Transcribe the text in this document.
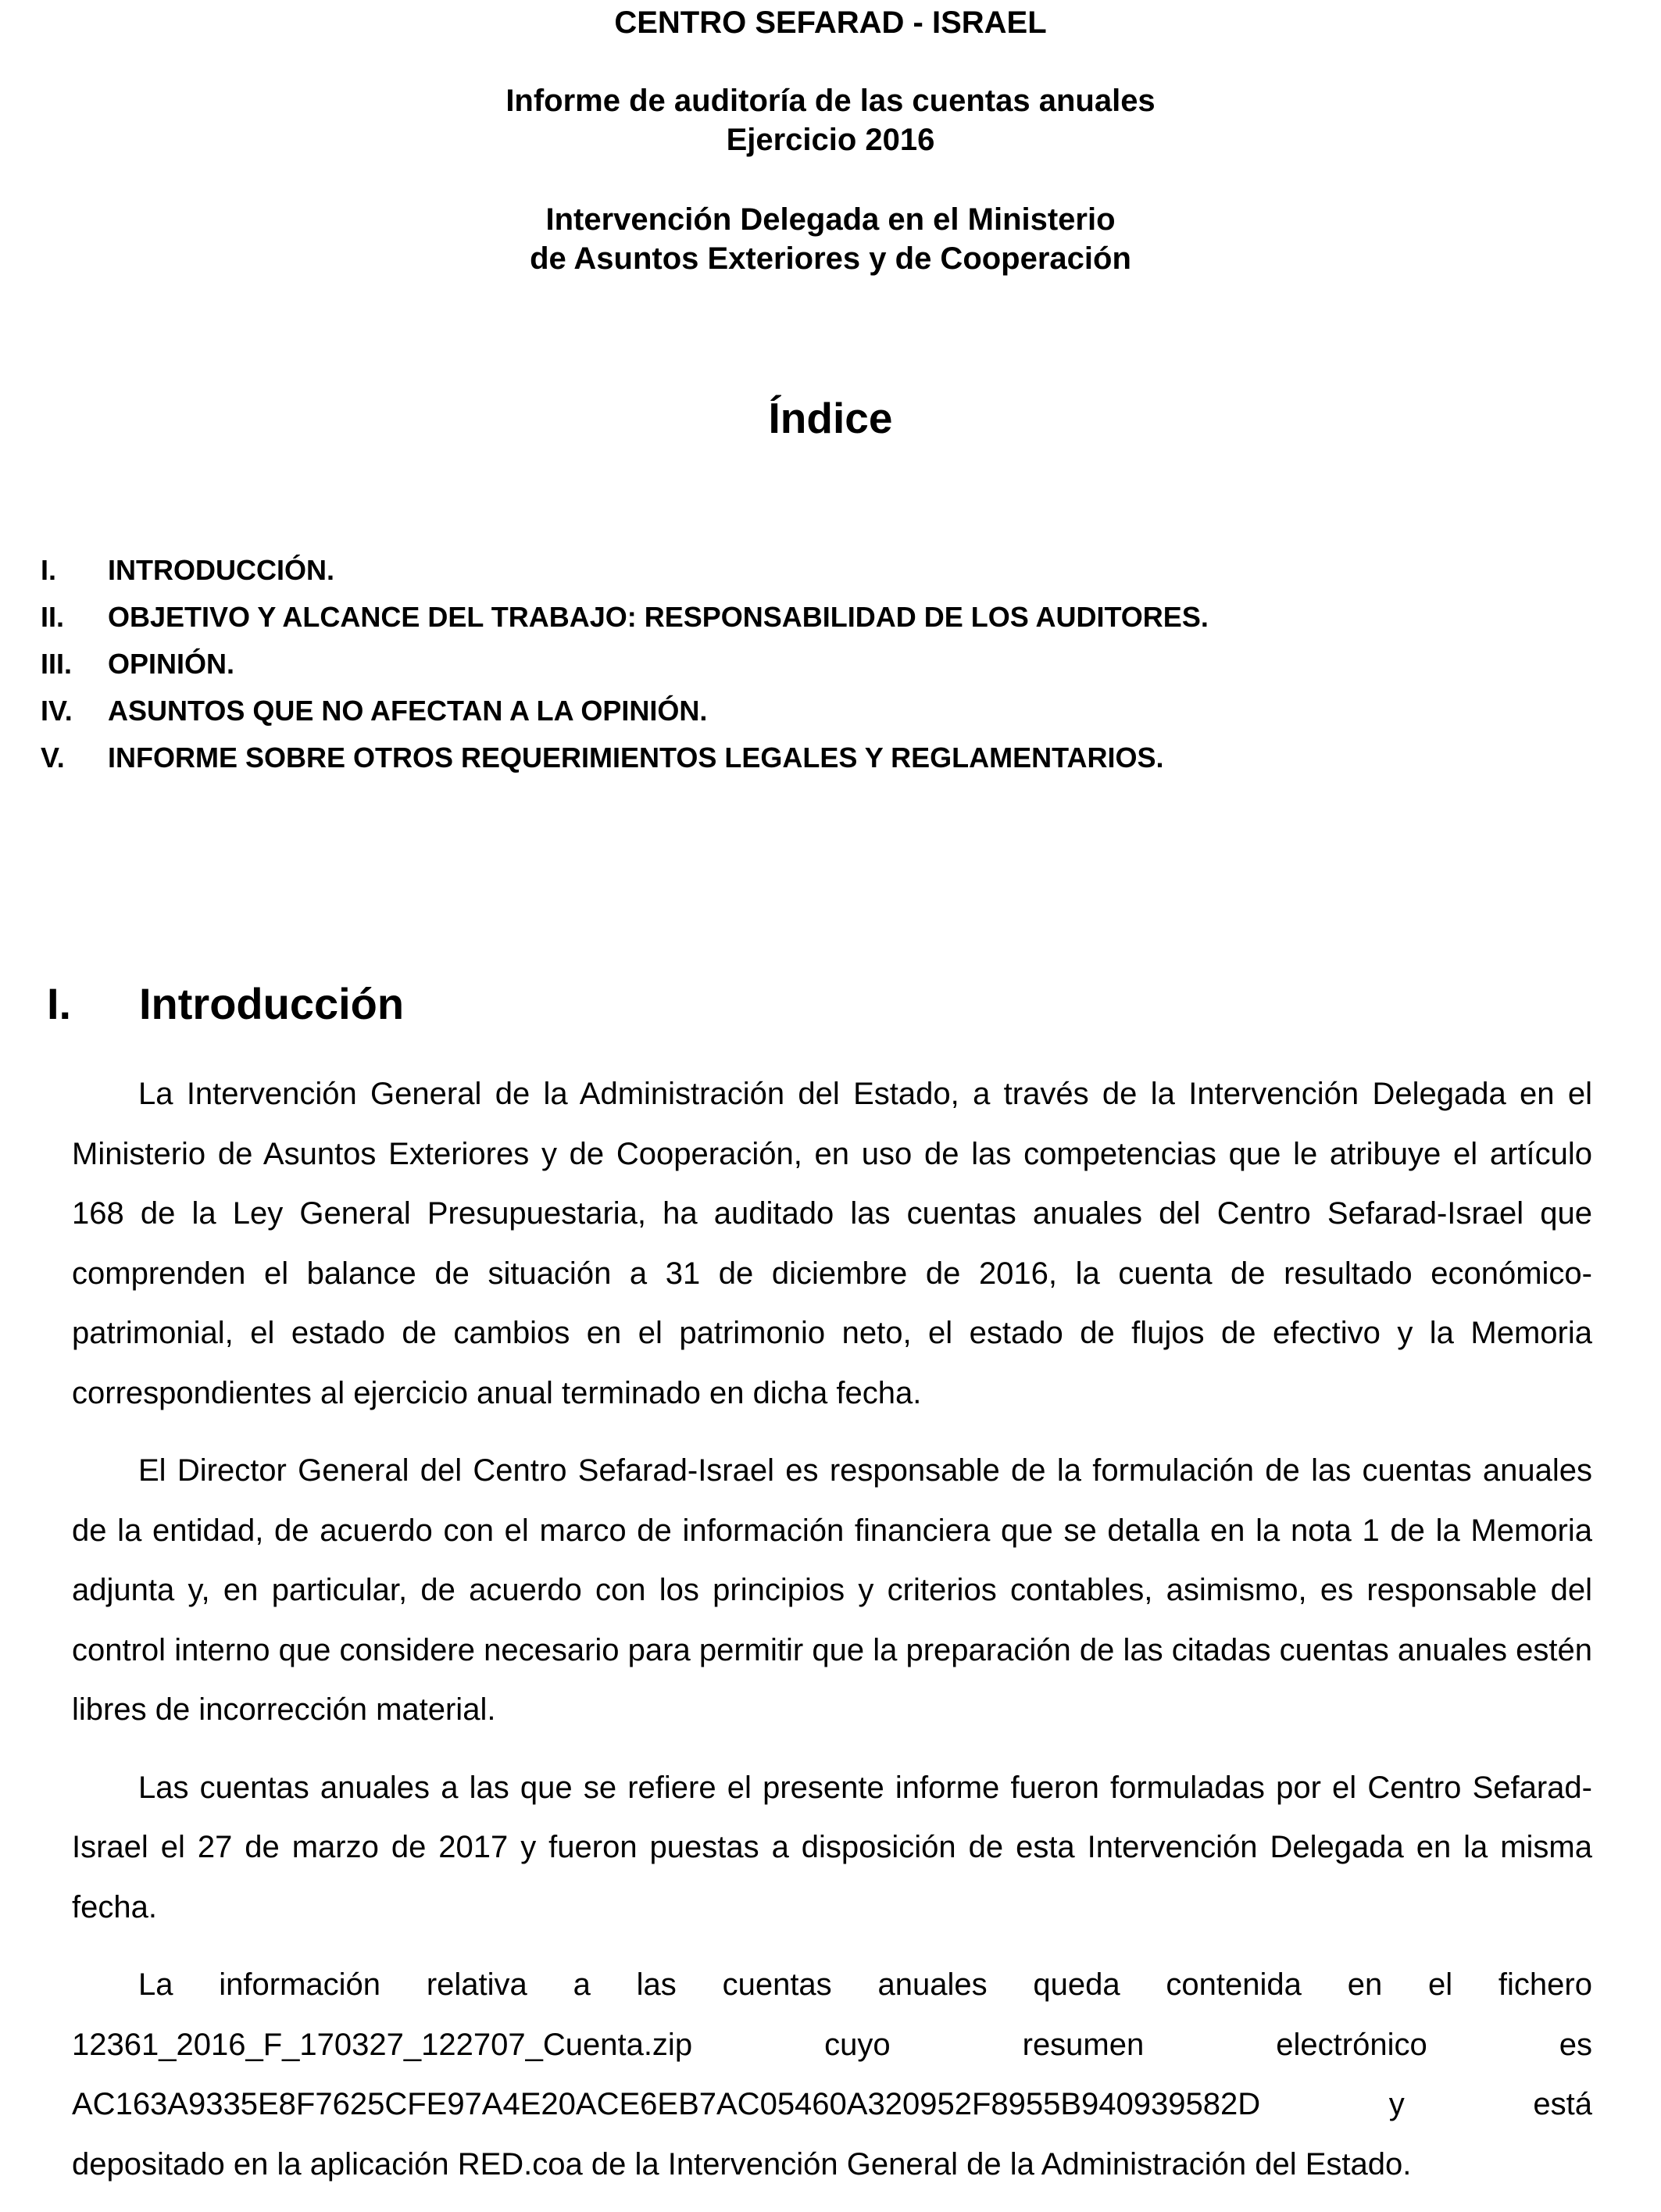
CENTRO SEFARAD - ISRAEL
Informe de auditoría de las cuentas anuales
Ejercicio 2016
Intervención Delegada en el Ministerio
de Asuntos Exteriores y de Cooperación
Índice
I. INTRODUCCIÓN.
II. OBJETIVO Y ALCANCE DEL TRABAJO: RESPONSABILIDAD DE LOS AUDITORES.
III. OPINIÓN.
IV. ASUNTOS QUE NO AFECTAN A LA OPINIÓN.
V. INFORME SOBRE OTROS REQUERIMIENTOS LEGALES Y REGLAMENTARIOS.
I. Introducción

La Intervención General de la Administración del Estado, a través de la Intervención Delegada en el Ministerio de Asuntos Exteriores y de Cooperación, en uso de las competencias que le atribuye el artículo 168 de la Ley General Presupuestaria, ha auditado las cuentas anuales del Centro Sefarad-Israel que comprenden el balance de situación a 31 de diciembre de 2016, la cuenta de resultado económico-patrimonial, el estado de cambios en el patrimonio neto, el estado de flujos de efectivo y la Memoria correspondientes al ejercicio anual terminado en dicha fecha.

El Director General del Centro Sefarad-Israel es responsable de la formulación de las cuentas anuales de la entidad, de acuerdo con el marco de información financiera que se detalla en la nota 1 de la Memoria adjunta y, en particular, de acuerdo con los principios y criterios contables, asimismo, es responsable del control interno que considere necesario para permitir que la preparación de las citadas cuentas anuales estén libres de incorrección material.

Las cuentas anuales a las que se refiere el presente informe fueron formuladas por el Centro Sefarad-Israel el 27 de marzo de 2017 y fueron puestas a disposición de esta Intervención Delegada en la misma fecha.

La información relativa a las cuentas anuales queda contenida en el fichero
12361_2016_F_170327_122707_Cuenta.zip cuyo resumen electrónico es
AC163A9335E8F7625CFE97A4E20ACE6EB7AC05460A320952F8955B940939582D y está
depositado en la aplicación RED.coa de la Intervención General de la Administración del Estado.
